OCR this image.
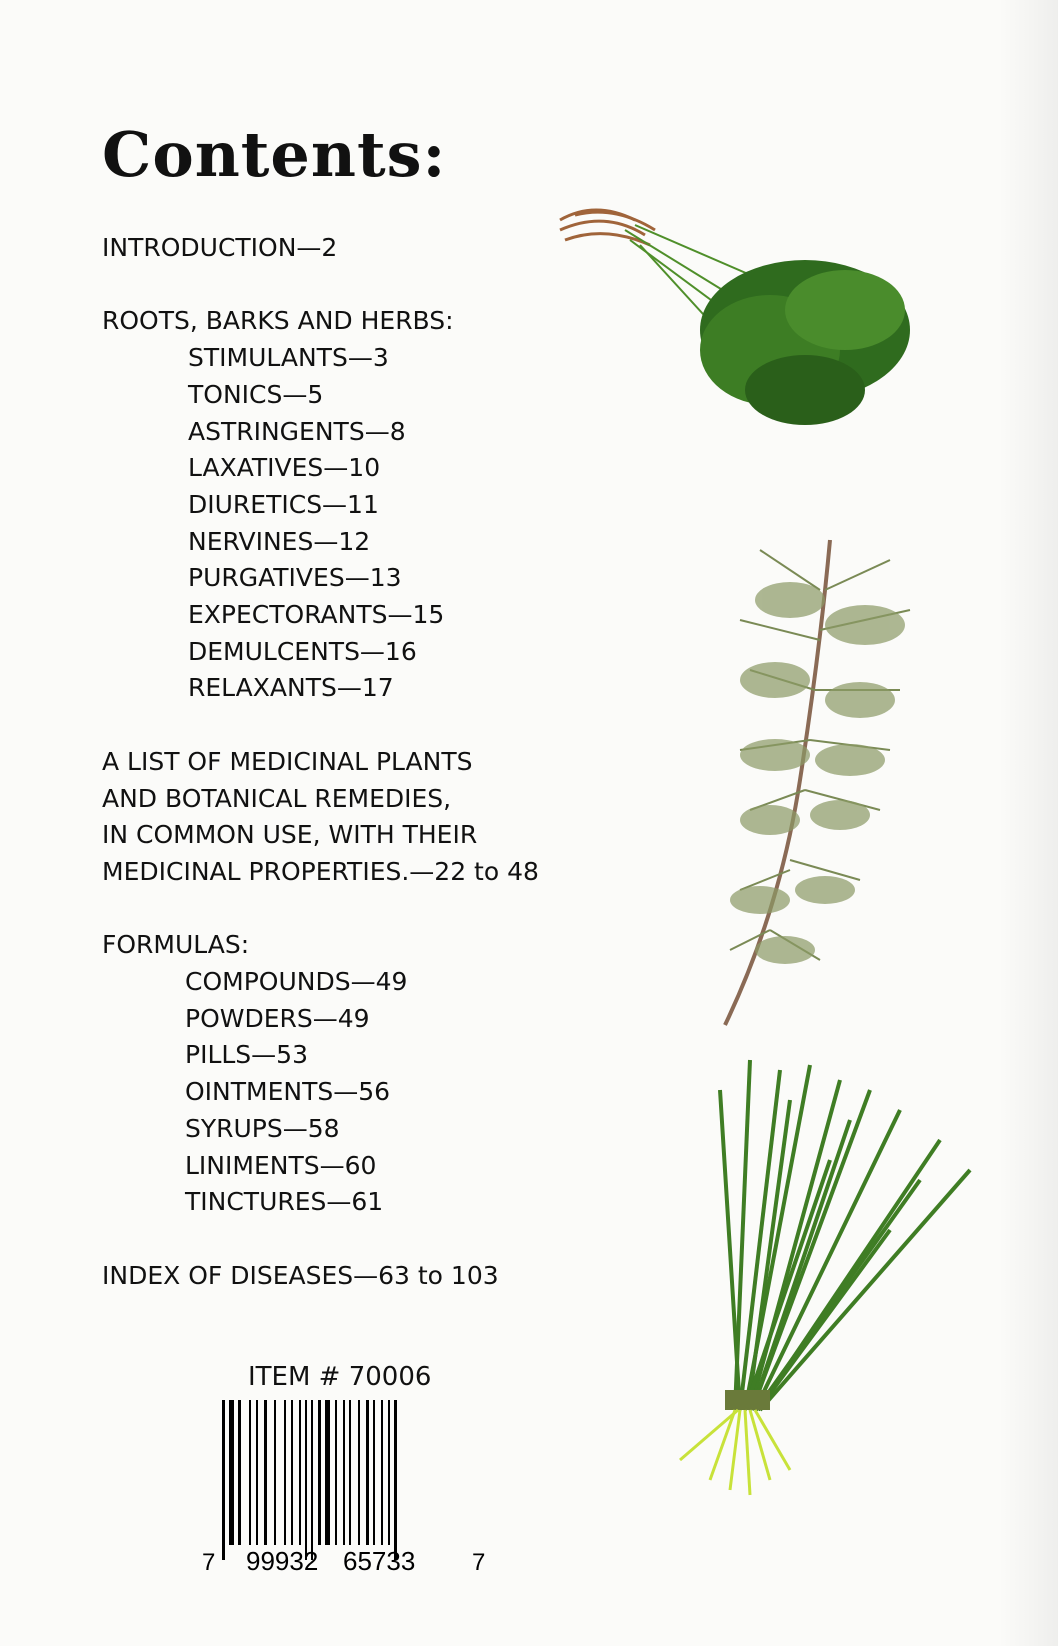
Contents:
INTRODUCTION—2
ROOTS, BARKS AND HERBS:
STIMULANTS—3
TONICS—5
ASTRINGENTS—8
LAXATIVES—10
DIURETICS—11
NERVINES—12
PURGATIVES—13
EXPECTORANTS—15
DEMULCENTS—16
RELAXANTS—17
A LIST OF MEDICINAL PLANTS
AND BOTANICAL REMEDIES,
IN COMMON USE, WITH THEIR
MEDICINAL PROPERTIES.—22 to 48
FORMULAS:
COMPOUNDS—49
POWDERS—49
PILLS—53
OINTMENTS—56
SYRUPS—58
LINIMENTS—60
TINCTURES—61
INDEX OF DISEASES—63 to 103
ITEM # 70006
7 99932 65733 7
